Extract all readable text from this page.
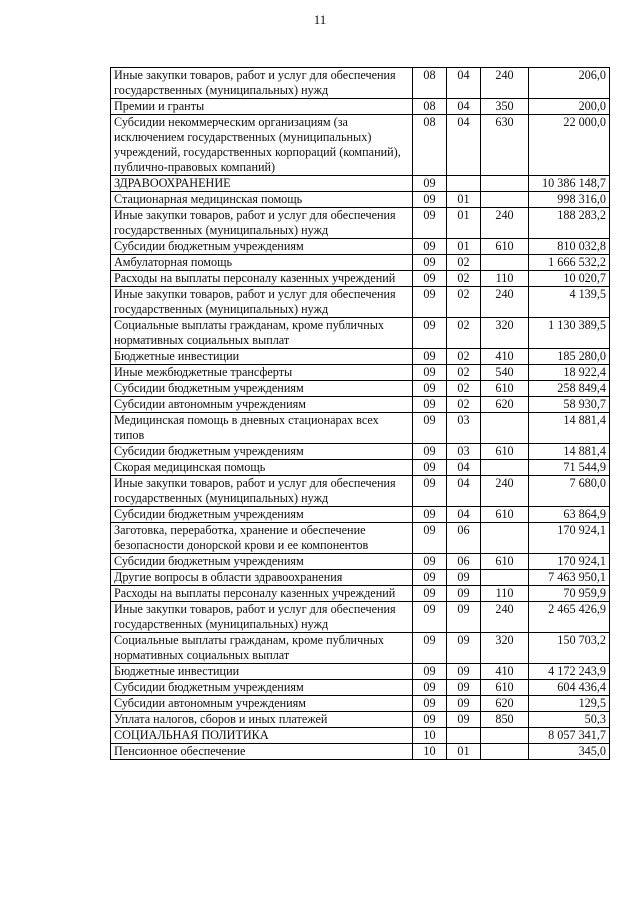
11
Иные закупки товаров, работ и услуг для обеспечения государственных (муниципальных) нужд	08	04	240	206,0
Премии и гранты	08	04	350	200,0
Субсидии некоммерческим организациям (за исключением государственных (муниципальных) учреждений, государственных корпораций (компаний), публично-правовых компаний)	08	04	630	22 000,0
ЗДРАВООХРАНЕНИЕ	09			10 386 148,7
Стационарная медицинская помощь	09	01		998 316,0
Иные закупки товаров, работ и услуг для обеспечения государственных (муниципальных) нужд	09	01	240	188 283,2
Субсидии бюджетным учреждениям	09	01	610	810 032,8
Амбулаторная помощь	09	02		1 666 532,2
Расходы на выплаты персоналу казенных учреждений	09	02	110	10 020,7
Иные закупки товаров, работ и услуг для обеспечения государственных (муниципальных) нужд	09	02	240	4 139,5
Социальные выплаты гражданам, кроме публичных нормативных социальных выплат	09	02	320	1 130 389,5
Бюджетные инвестиции	09	02	410	185 280,0
Иные межбюджетные трансферты	09	02	540	18 922,4
Субсидии бюджетным учреждениям	09	02	610	258 849,4
Субсидии автономным учреждениям	09	02	620	58 930,7
Медицинская помощь в дневных стационарах всех типов	09	03		14 881,4
Субсидии бюджетным учреждениям	09	03	610	14 881,4
Скорая медицинская помощь	09	04		71 544,9
Иные закупки товаров, работ и услуг для обеспечения государственных (муниципальных) нужд	09	04	240	7 680,0
Субсидии бюджетным учреждениям	09	04	610	63 864,9
Заготовка, переработка, хранение и обеспечение безопасности донорской крови и ее компонентов	09	06		170 924,1
Субсидии бюджетным учреждениям	09	06	610	170 924,1
Другие вопросы в области здравоохранения	09	09		7 463 950,1
Расходы на выплаты персоналу казенных учреждений	09	09	110	70 959,9
Иные закупки товаров, работ и услуг для обеспечения государственных (муниципальных) нужд	09	09	240	2 465 426,9
Социальные выплаты гражданам, кроме публичных нормативных социальных выплат	09	09	320	150 703,2
Бюджетные инвестиции	09	09	410	4 172 243,9
Субсидии бюджетным учреждениям	09	09	610	604 436,4
Субсидии автономным учреждениям	09	09	620	129,5
Уплата налогов, сборов и иных платежей	09	09	850	50,3
СОЦИАЛЬНАЯ ПОЛИТИКА	10			8 057 341,7
Пенсионное обеспечение	10	01		345,0
